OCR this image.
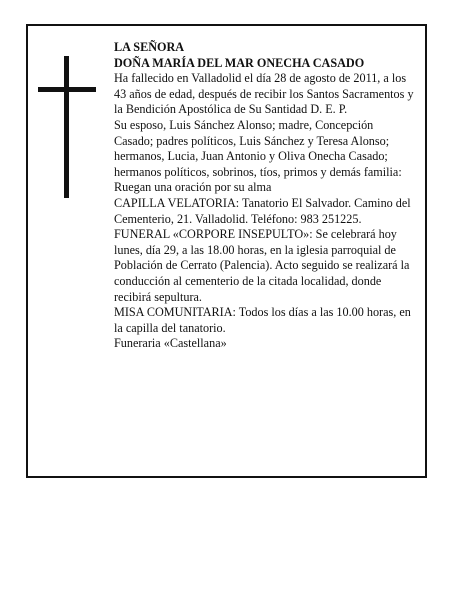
LA SEÑORA

DOÑA MARÍA DEL MAR ONECHA CASADO

Ha fallecido en Valladolid el día 28 de agosto de 2011, a los 43 años de edad, después de recibir los Santos Sacramentos y la Bendición Apostólica de Su Santidad D. E. P.

Su esposo, Luis Sánchez Alonso; madre, Concepción Casado; padres políticos, Luis Sánchez y Teresa Alonso; hermanos, Lucia, Juan Antonio y Oliva Onecha Casado; hermanos políticos, sobrinos, tíos, primos y demás familia:

Ruegan una oración por su alma

CAPILLA VELATORIA: Tanatorio El Salvador. Camino del Cementerio, 21. Valladolid. Teléfono: 983 251225.

FUNERAL «CORPORE INSEPULTO»: Se celebrará hoy lunes, día 29, a las 18.00 horas, en la iglesia parroquial de Población de Cerrato (Palencia). Acto seguido se realizará la conducción al cementerio de la citada localidad, donde recibirá sepultura.

MISA COMUNITARIA: Todos los días a las 10.00 horas, en la capilla del tanatorio.

Funeraria «Castellana»
